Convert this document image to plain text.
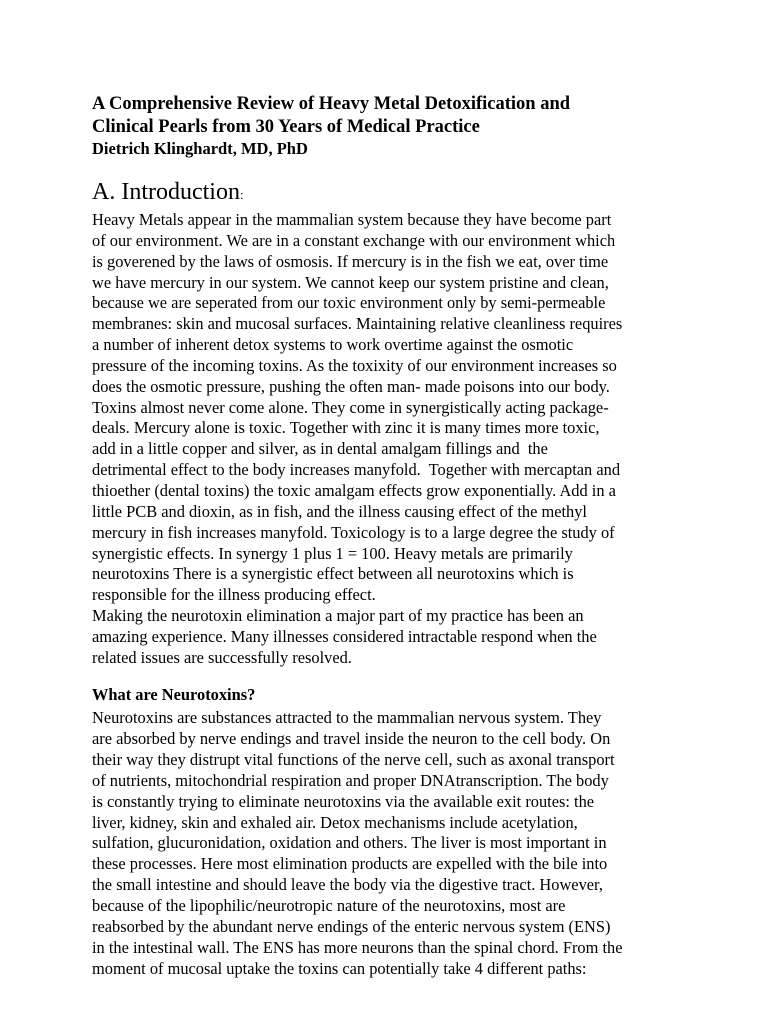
A Comprehensive Review of Heavy Metal Detoxification and
Clinical Pearls from 30 Years of Medical Practice

Dietrich Klinghardt, MD, PhD

A. Introduction:
Heavy Metals appear in the mammalian system because they have become part
of our environment. We are in a constant exchange with our environment which
is goverened by the laws of osmosis. If mercury is in the fish we eat, over time
we have mercury in our system. We cannot keep our system pristine and clean,
because we are seperated from our toxic environment only by semi-permeable
membranes: skin and mucosal surfaces. Maintaining relative cleanliness requires
a number of inherent detox systems to work overtime against the osmotic
pressure of the incoming toxins. As the toxixity of our environment increases so
does the osmotic pressure, pushing the often man- made poisons into our body.
Toxins almost never come alone. They come in synergistically acting package-
deals. Mercury alone is toxic. Together with zinc it is many times more toxic,
add in a little copper and silver, as in dental amalgam fillings and  the
detrimental effect to the body increases manyfold.  Together with mercaptan and
thioether (dental toxins) the toxic amalgam effects grow exponentially. Add in a
little PCB and dioxin, as in fish, and the illness causing effect of the methyl
mercury in fish increases manyfold. Toxicology is to a large degree the study of
synergistic effects. In synergy 1 plus 1 = 100. Heavy metals are primarily
neurotoxins There is a synergistic effect between all neurotoxins which is
responsible for the illness producing effect.
Making the neurotoxin elimination a major part of my practice has been an
amazing experience. Many illnesses considered intractable respond when the
related issues are successfully resolved.
What are Neurotoxins?
Neurotoxins are substances attracted to the mammalian nervous system. They
are absorbed by nerve endings and travel inside the neuron to the cell body. On
their way they distrupt vital functions of the nerve cell, such as axonal transport
of nutrients, mitochondrial respiration and proper DNAtranscription. The body
is constantly trying to eliminate neurotoxins via the available exit routes: the
liver, kidney, skin and exhaled air. Detox mechanisms include acetylation,
sulfation, glucuronidation, oxidation and others. The liver is most important in
these processes. Here most elimination products are expelled with the bile into
the small intestine and should leave the body via the digestive tract. However,
because of the lipophilic/neurotropic nature of the neurotoxins, most are
reabsorbed by the abundant nerve endings of the enteric nervous system (ENS)
in the intestinal wall. The ENS has more neurons than the spinal chord. From the
moment of mucosal uptake the toxins can potentially take 4 different paths:
